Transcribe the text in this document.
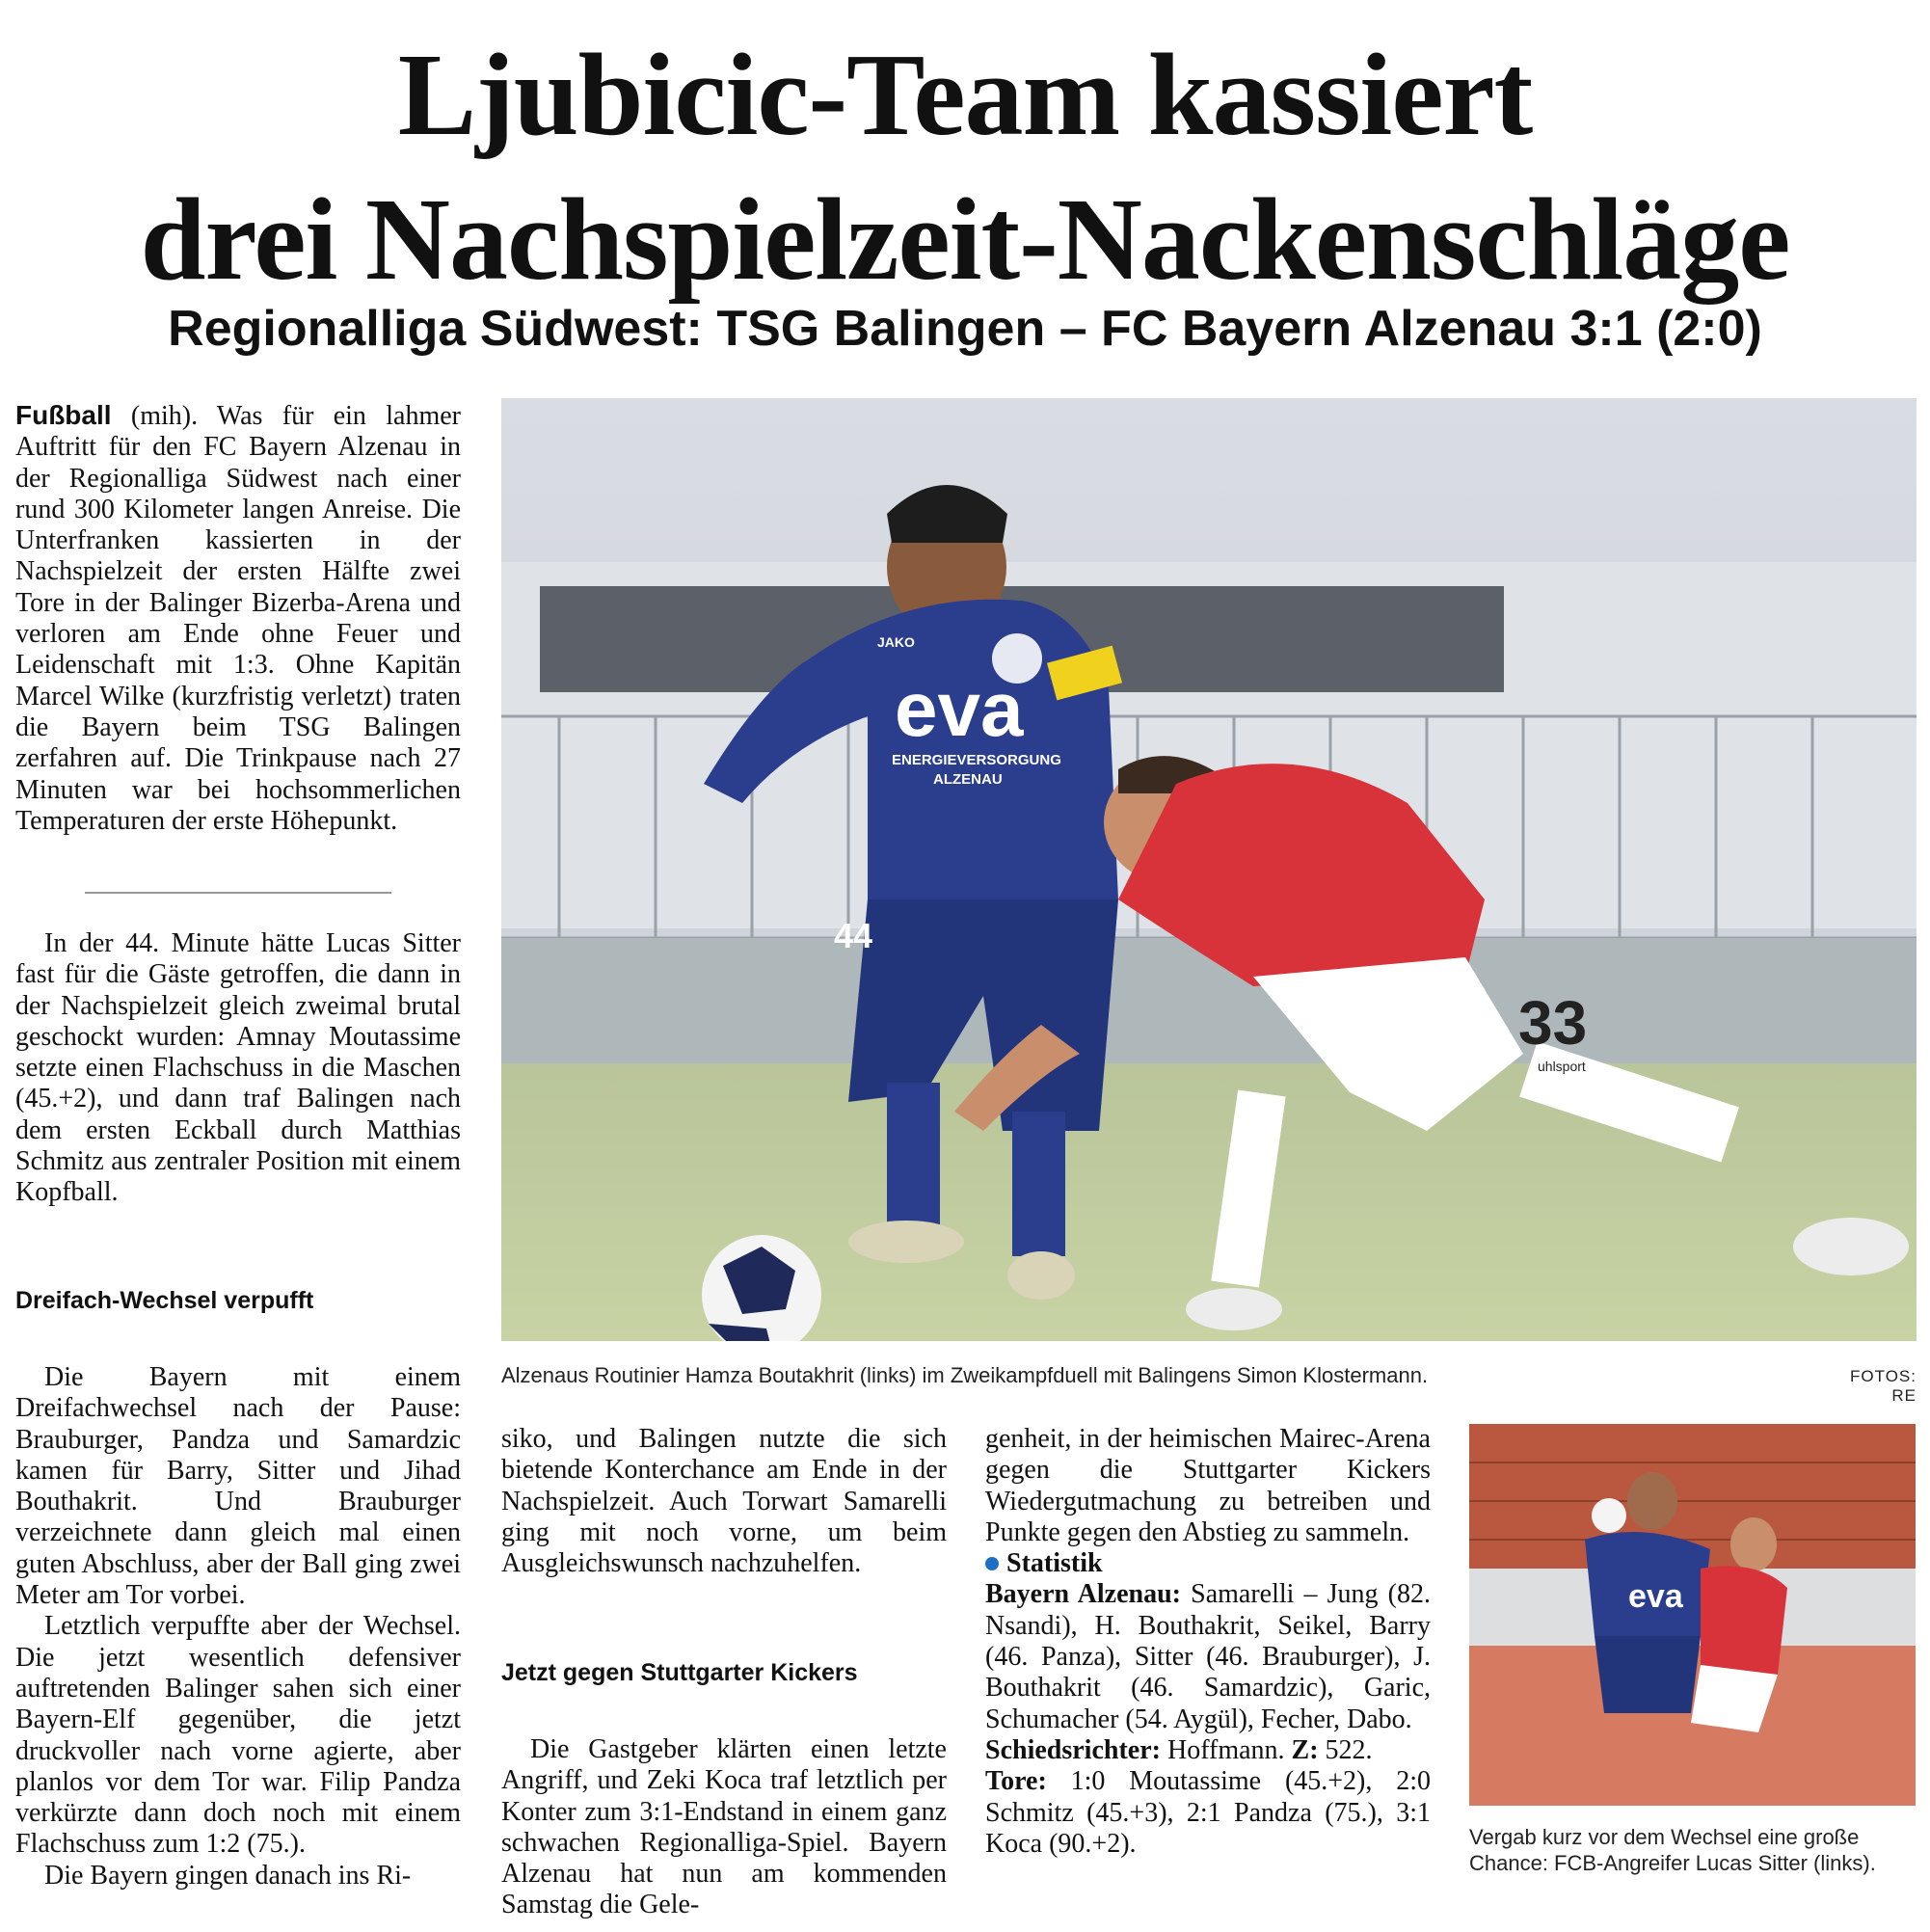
Ljubicic-Team kassiert
drei Nachspielzeit-Nackenschläge
Regionalliga Südwest: TSG Balingen – FC Bayern Alzenau 3:1 (2:0)

Fußball (mih). Was für ein lahmer Auftritt für den FC Bayern Alzenau in der Regionalliga Südwest nach einer rund 300 Kilometer langen Anreise. Die Unterfranken kassierten in der Nachspielzeit der ersten Hälfte zwei Tore in der Balinger Bizerba-Arena und verloren am Ende ohne Feuer und Leidenschaft mit 1:3. Ohne Kapitän Marcel Wilke (kurzfristig verletzt) traten die Bayern beim TSG Balingen zerfahren auf. Die Trinkpause nach 27 Minuten war bei hochsommerlichen Temperaturen der erste Höhepunkt.

In der 44. Minute hätte Lucas Sitter fast für die Gäste getroffen, die dann in der Nachspielzeit gleich zweimal brutal geschockt wurden: Amnay Moutassime setzte einen Flachschuss in die Maschen (45.+2), und dann traf Balingen nach dem ersten Eckball durch Matthias Schmitz aus zentraler Position mit einem Kopfball.

Dreifach-Wechsel verpufft

Die Bayern mit einem Dreifachwechsel nach der Pause: Brauburger, Pandza und Samardzic kamen für Barry, Sitter und Jihad Bouthakrit. Und Brauburger verzeichnete dann gleich mal einen guten Abschluss, aber der Ball ging zwei Meter am Tor vorbei.

Letztlich verpuffte aber der Wechsel. Die jetzt wesentlich defensiver auftretenden Balinger sahen sich einer Bayern-Elf gegenüber, die jetzt druckvoller nach vorne agierte, aber planlos vor dem Tor war. Filip Pandza verkürzte dann doch noch mit einem Flachschuss zum 1:2 (75.).

Die Bayern gingen danach ins Ri-

eva
ENERGIEVERSORGUNG
ALZENAU
JAKO
44
33
uhlsport
Alzenaus Routinier Hamza Boutakhrit (links) im Zweikampfduell mit Balingens Simon Klostermann.	FOTOS: RE

siko, und Balingen nutzte die sich bietende Konterchance am Ende in der Nachspielzeit. Auch Torwart Samarelli ging mit noch vorne, um beim Ausgleichswunsch nachzuhelfen.

Jetzt gegen Stuttgarter Kickers

Die Gastgeber klärten einen letzte Angriff, und Zeki Koca traf letztlich per Konter zum 3:1-Endstand in einem ganz schwachen Regionalliga-Spiel. Bayern Alzenau hat nun am kommenden Samstag die Gele-

genheit, in der heimischen Mairec-Arena gegen die Stuttgarter Kickers Wiedergutmachung zu betreiben und Punkte gegen den Abstieg zu sammeln.

Statistik

Bayern Alzenau: Samarelli – Jung (82. Nsandi), H. Bouthakrit, Seikel, Barry (46. Panza), Sitter (46. Brauburger), J. Bouthakrit (46. Samardzic), Garic, Schumacher (54. Aygül), Fecher, Dabo.

Schiedsrichter: Hoffmann. Z: 522.

Tore: 1:0 Moutassime (45.+2), 2:0 Schmitz (45.+3), 2:1 Pandza (75.), 3:1 Koca (90.+2).

eva
Vergab kurz vor dem Wechsel eine große Chance: FCB-Angreifer Lucas Sitter (links).
